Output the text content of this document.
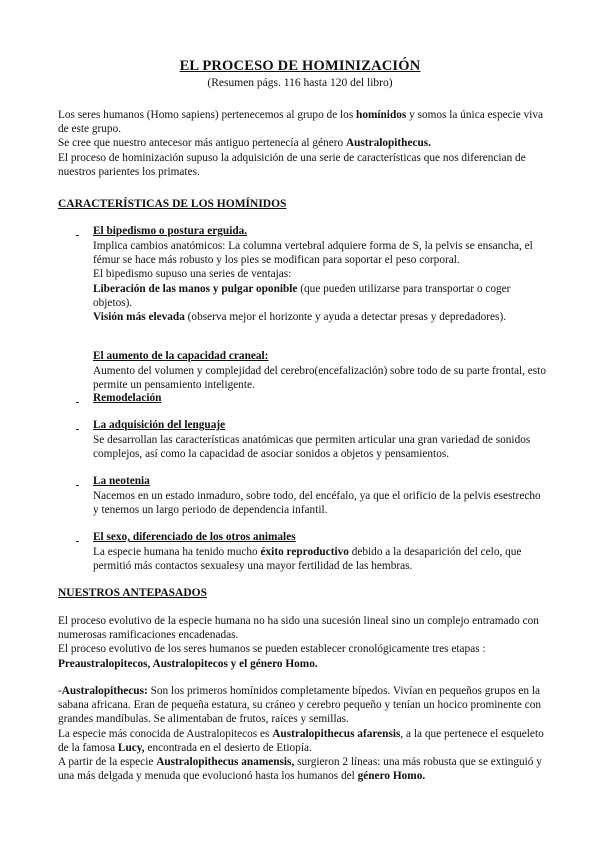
EL PROCESO DE HOMINIZACIÓN
(Resumen págs. 116 hasta 120 del libro)
Los seres humanos (Homo sapiens) pertenecemos al grupo de los homínidos y somos la única especie viva de este grupo.
Se cree que nuestro antecesor más antiguo pertenecía al género Australopithecus.
El proceso de hominización supuso la adquisición de una serie de características que nos diferencian de nuestros parientes los primates.
CARACTERÍSTICAS DE LOS HOMÍNIDOS
El bipedismo o postura erguida.
Implica cambios anatómicos: La columna vertebral adquiere forma de S, la pelvis se ensancha, el fémur se hace más robusto y los pies se modifican para soportar el peso corporal.
El bipedismo supuso una series de ventajas:
Liberación de las manos y pulgar oponible (que pueden utilizarse para transportar o coger objetos).
Visión más elevada (observa mejor el horizonte y ayuda a detectar presas y depredadores).
El aumento de la capacidad craneal:
Aumento del volumen y complejidad del cerebro(encefalización) sobre todo de su parte frontal, esto permite un pensamiento inteligente.
Remodelación
La adquisición del lenguaje
Se desarrollan las características anatómicas que permiten articular una gran variedad de sonidos complejos, así como la capacidad de asociar sonidos a objetos y pensamientos.
La neotenia
Nacemos en un estado inmaduro, sobre todo, del encéfalo, ya que el orificio de la pelvis esestrecho y tenemos un largo periodo de dependencia infantil.
El sexo, diferenciado de los otros animales
La especie humana ha tenido mucho éxito reproductivo debido a la desaparición del celo, que permitió más contactos sexualesy una mayor fertilidad de las hembras.
NUESTROS ANTEPASADOS
El proceso evolutivo de la especie humana no ha sido una sucesión lineal sino un complejo entramado con numerosas ramificaciones encadenadas.
El proceso evolutivo de los seres humanos se pueden establecer cronológicamente tres etapas :
Preaustralopitecos, Australopitecos y el género Homo.
-Australopithecus: Son los primeros homínidos completamente bípedos. Vivían en pequeños grupos en la sabana africana. Eran de pequeña estatura, su cráneo y cerebro pequeño y tenían un hocico prominente con grandes mandíbulas. Se alimentaban de frutos, raíces y semillas.
La especie más conocida de Australopitecos es Australopithecus afarensis, a la que pertenece el esqueleto de la famosa Lucy, encontrada en el desierto de Etiopía.
A partir de la especie Australopithecus anamensis, surgieron 2 líneas: una más robusta que se extinguió y una más delgada y menuda que evolucionó hasta los humanos del género Homo.
